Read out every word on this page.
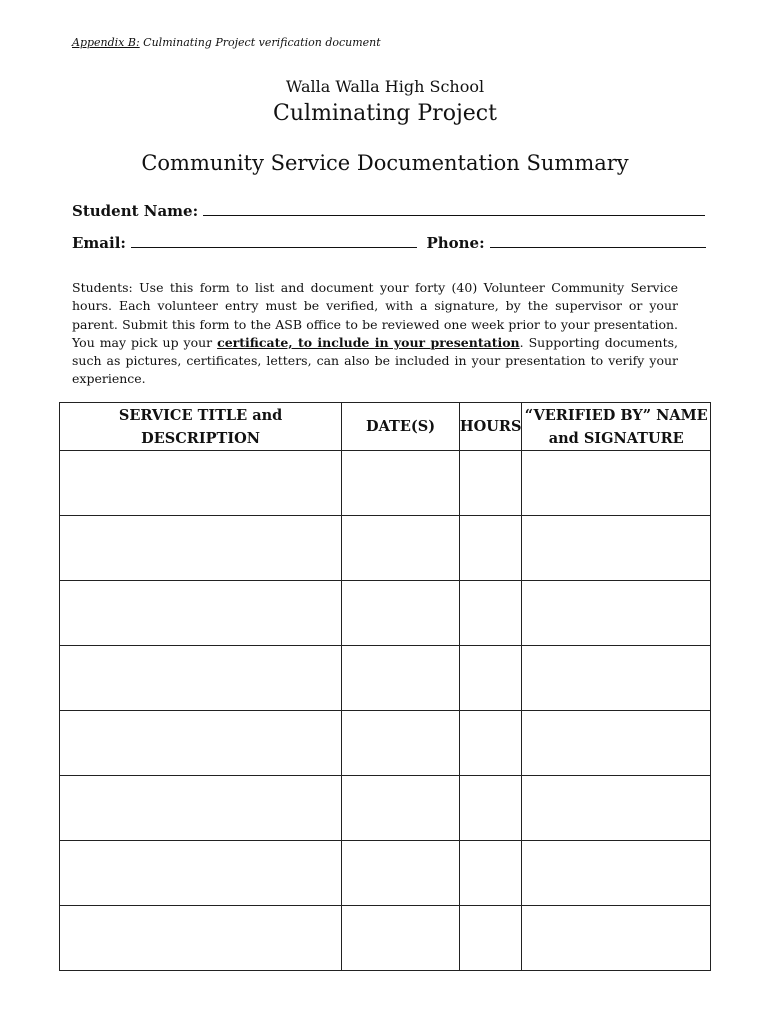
Appendix B: Culminating Project verification document
Walla Walla High School
Culminating Project
Community Service Documentation Summary
Student Name:
Email:	Phone:
Students: Use this form to list and document your forty (40) Volunteer Community Service hours. Each volunteer entry must be verified, with a signature, by the supervisor or your parent. Submit this form to the ASB office to be reviewed one week prior to your presentation. You may pick up your certificate, to include in your presentation. Supporting documents, such as pictures, certificates, letters, can also be included in your presentation to verify your experience.
SERVICE TITLE and DESCRIPTION	DATE(S)	HOURS	“VERIFIED BY” NAME and SIGNATURE
